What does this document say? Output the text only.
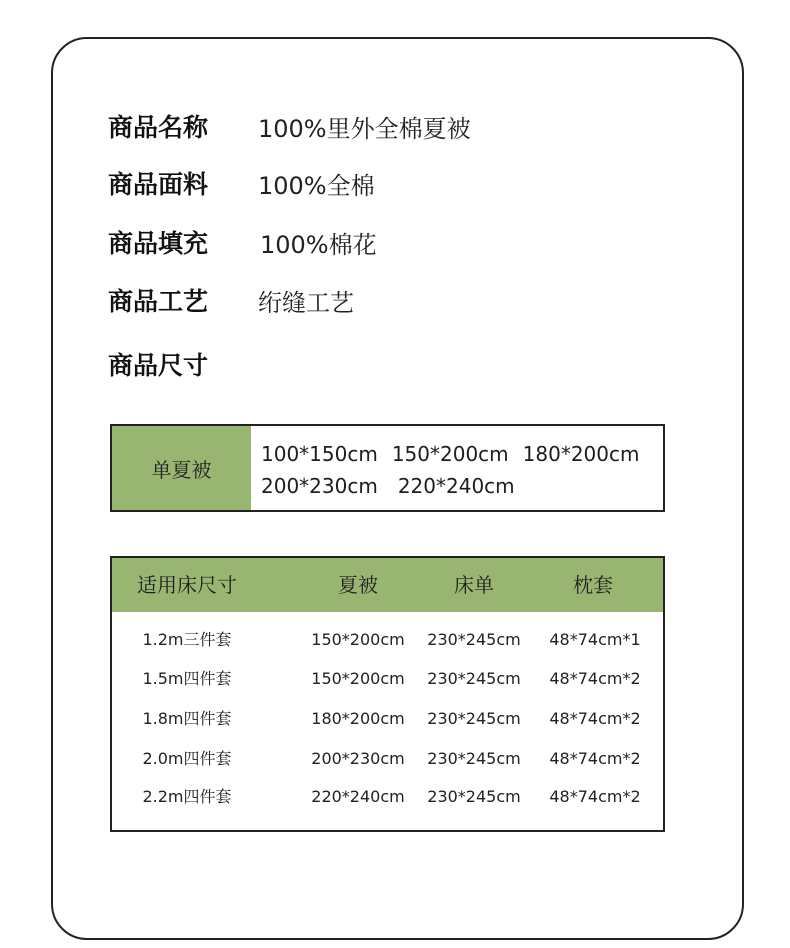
商品名称	100%里外全棉夏被
商品面料	100%全棉
商品填充	100%棉花
商品工艺	绗缝工艺
商品尺寸
单夏被
100*150cm 150*200cm 180*200cm
200*230cm 220*240cm
适用床尺寸	夏被	床单	枕套
1.2m三件套	150*200cm	230*245cm	48*74cm*1
1.5m四件套	150*200cm	230*245cm	48*74cm*2
1.8m四件套	180*200cm	230*245cm	48*74cm*2
2.0m四件套	200*230cm	230*245cm	48*74cm*2
2.2m四件套	220*240cm	230*245cm	48*74cm*2
